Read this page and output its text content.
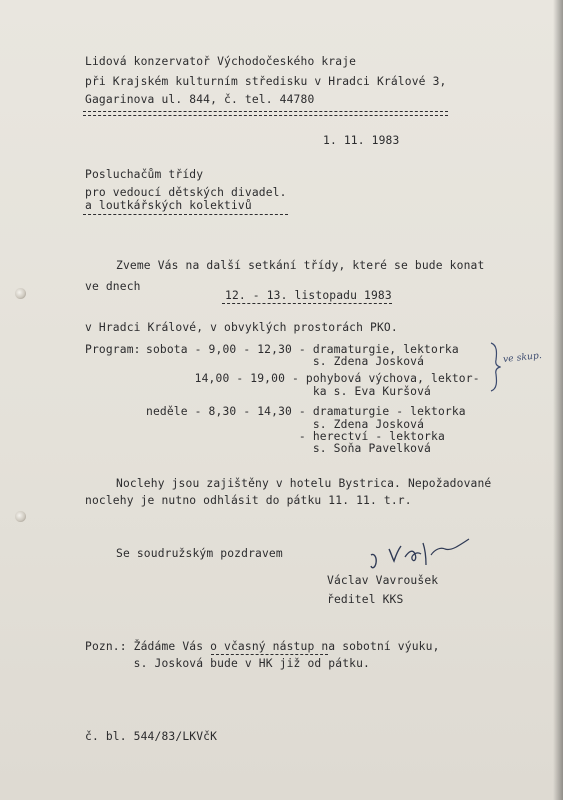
Lidová konzervatoř Východočeského kraje
při Krajském kulturním středisku v Hradci Králové 3,
Gagarinova ul. 844, č. tel. 44780
1. 11. 1983
Posluchačům třídy
pro vedoucí dětských divadel.
a loutkářských kolektivů
Zveme Vás na další setkání třídy, které se bude konat
ve dnech
12. - 13. listopadu 1983
v Hradci Králové, v obvyklých prostorách PKO.
Program: sobota - 9,00 - 12,30 - dramaturgie, lektorka
s. Zdena Josková
14,00 - 19,00 - pohybová výchova, lektor-
ka s. Eva Kuršová
neděle - 8,30 - 14,30 - dramaturgie - lektorka
s. Zdena Josková
- herectví - lektorka
s. Soňa Pavelková
ve skup.
Noclehy jsou zajištěny v hotelu Bystrica. Nepožadované
noclehy je nutno odhlásit do pátku 11. 11. t.r.
Se soudružským pozdravem
Václav Vavroušek
ředitel KKS
Pozn.: Žádáme Vás o včasný nástup na sobotní výuku,
s. Josková bude v HK již od pátku.
č. bl. 544/83/LKVčK
